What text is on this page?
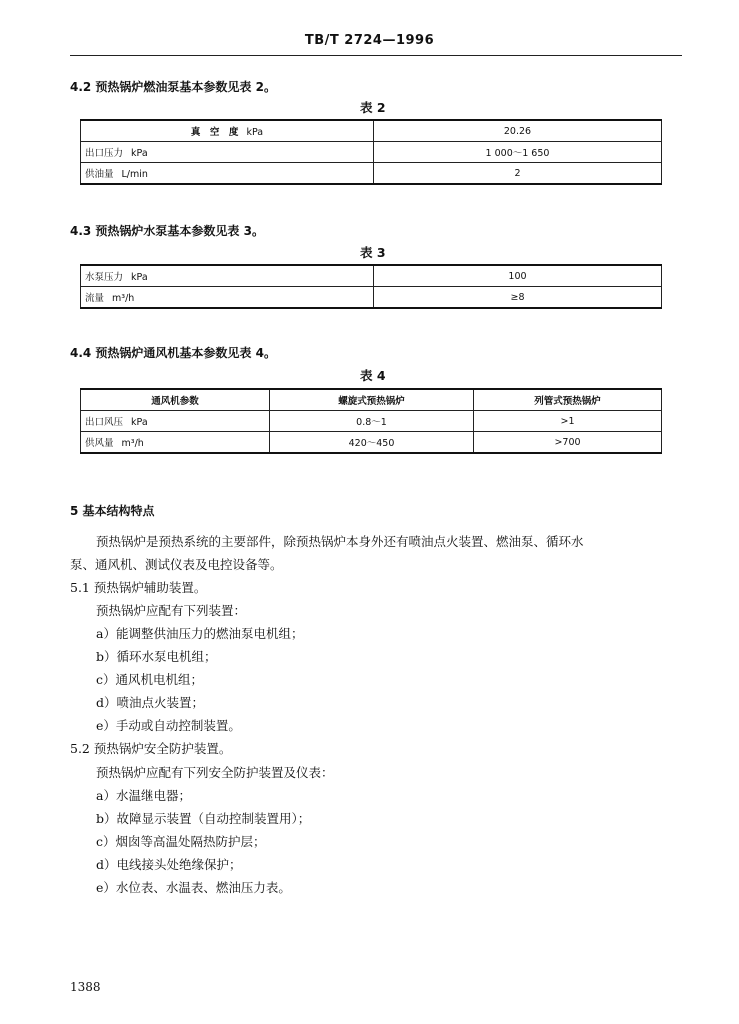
TB/T 2724—1996
4.2 预热锅炉燃油泵基本参数见表 2。
表 2
真　空　度 kPa	20.26
出口压力 kPa	1 000～1 650
供油量 L/min	2
4.3 预热锅炉水泵基本参数见表 3。
表 3
水泵压力 kPa	100
流量 m³/h	≥8
4.4 预热锅炉通风机基本参数见表 4。
表 4
通风机参数	螺旋式预热锅炉	列管式预热锅炉
出口风压 kPa	0.8～1	>1
供风量 m³/h	420～450	>700
5 基本结构特点
预热锅炉是预热系统的主要部件，除预热锅炉本身外还有喷油点火装置、燃油泵、循环水
泵、通风机、测试仪表及电控设备等。
5.1 预热锅炉辅助装置。
预热锅炉应配有下列装置：
a）能调整供油压力的燃油泵电机组；
b）循环水泵电机组；
c）通风机电机组；
d）喷油点火装置；
e）手动或自动控制装置。
5.2 预热锅炉安全防护装置。
预热锅炉应配有下列安全防护装置及仪表：
a）水温继电器；
b）故障显示装置（自动控制装置用）；
c）烟囱等高温处隔热防护层；
d）电线接头处绝缘保护；
e）水位表、水温表、燃油压力表。
1388
